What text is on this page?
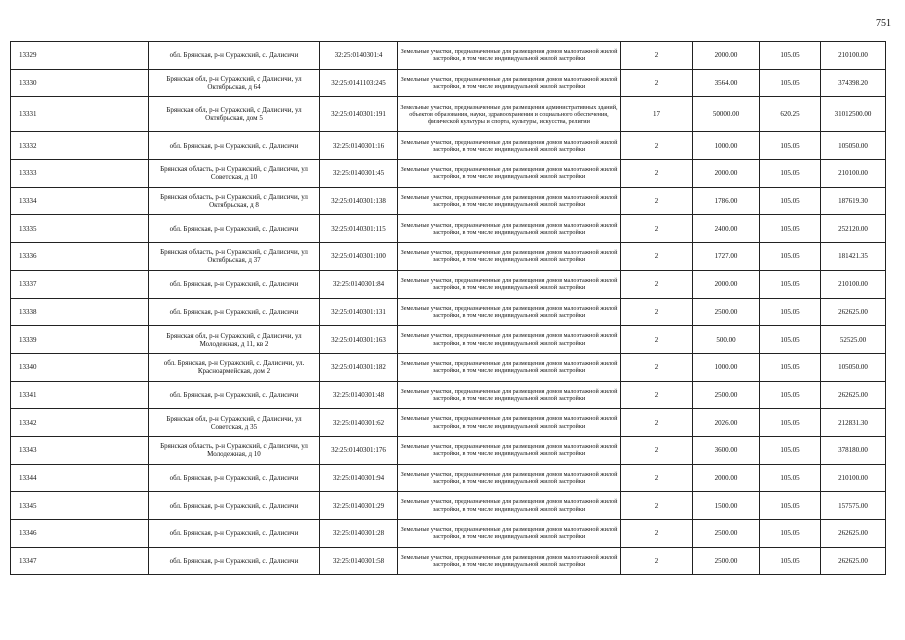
751
13329	обл. Брянская, р-н Суражский, с. Далисичи	32:25:0140301:4	Земельные участки, предназначенные для размещения домов малоэтажной жилой застройки, в том числе индивидуальной жилой застройки	2	2000.00	105.05	210100.00
13330	Брянская обл, р-н Суражский, с Далисичи, ул Октябрьская, д 64	32:25:0141103:245	Земельные участки, предназначенные для размещения домов малоэтажной жилой застройки, в том числе индивидуальной жилой застройки	2	3564.00	105.05	374398.20
13331	Брянская обл, р-н Суражский, с Далисичи, ул Октябрьская, дом 5	32:25:0140301:191	Земельные участки, предназначенные для размещения административных зданий, объектов образования, науки, здравоохранения и социального обеспечения, физической культуры и спорта, культуры, искусства, религии	17	50000.00	620.25	31012500.00
13332	обл. Брянская, р-н Суражский, с. Далисичи	32:25:0140301:16	Земельные участки, предназначенные для размещения домов малоэтажной жилой застройки, в том числе индивидуальной жилой застройки	2	1000.00	105.05	105050.00
13333	Брянская область, р-н Суражский, с Далисичи, ул Советская, д 10	32:25:0140301:45	Земельные участки, предназначенные для размещения домов малоэтажной жилой застройки, в том числе индивидуальной жилой застройки	2	2000.00	105.05	210100.00
13334	Брянская область, р-н Суражский, с Далисичи, ул Октябрьская, д 8	32:25:0140301:138	Земельные участки, предназначенные для размещения домов малоэтажной жилой застройки, в том числе индивидуальной жилой застройки	2	1786.00	105.05	187619.30
13335	обл. Брянская, р-н Суражский, с. Далисичи	32:25:0140301:115	Земельные участки, предназначенные для размещения домов малоэтажной жилой застройки, в том числе индивидуальной жилой застройки	2	2400.00	105.05	252120.00
13336	Брянская область, р-н Суражский, с Далисичи, ул Октябрьская, д 37	32:25:0140301:100	Земельные участки, предназначенные для размещения домов малоэтажной жилой застройки, в том числе индивидуальной жилой застройки	2	1727.00	105.05	181421.35
13337	обл. Брянская, р-н Суражский, с. Далисичи	32:25:0140301:84	Земельные участки, предназначенные для размещения домов малоэтажной жилой застройки, в том числе индивидуальной жилой застройки	2	2000.00	105.05	210100.00
13338	обл. Брянская, р-н Суражский, с. Далисичи	32:25:0140301:131	Земельные участки, предназначенные для размещения домов малоэтажной жилой застройки, в том числе индивидуальной жилой застройки	2	2500.00	105.05	262625.00
13339	Брянская обл, р-н Суражский, с Далисичи, ул Молодежная, д 11, кв 2	32:25:0140301:163	Земельные участки, предназначенные для размещения домов малоэтажной жилой застройки, в том числе индивидуальной жилой застройки	2	500.00	105.05	52525.00
13340	обл. Брянская, р-н Суражский, с. Далисичи, ул. Красноармейская, дом 2	32:25:0140301:182	Земельные участки, предназначенные для размещения домов малоэтажной жилой застройки, в том числе индивидуальной жилой застройки	2	1000.00	105.05	105050.00
13341	обл. Брянская, р-н Суражский, с. Далисичи	32:25:0140301:48	Земельные участки, предназначенные для размещения домов малоэтажной жилой застройки, в том числе индивидуальной жилой застройки	2	2500.00	105.05	262625.00
13342	Брянская обл, р-н Суражский, с Далисичи, ул Советская, д 35	32:25:0140301:62	Земельные участки, предназначенные для размещения домов малоэтажной жилой застройки, в том числе индивидуальной жилой застройки	2	2026.00	105.05	212831.30
13343	Брянская область, р-н Суражский, с Далисичи, ул Молодежная, д 10	32:25:0140301:176	Земельные участки, предназначенные для размещения домов малоэтажной жилой застройки, в том числе индивидуальной жилой застройки	2	3600.00	105.05	378180.00
13344	обл. Брянская, р-н Суражский, с. Далисичи	32:25:0140301:94	Земельные участки, предназначенные для размещения домов малоэтажной жилой застройки, в том числе индивидуальной жилой застройки	2	2000.00	105.05	210100.00
13345	обл. Брянская, р-н Суражский, с. Далисичи	32:25:0140301:29	Земельные участки, предназначенные для размещения домов малоэтажной жилой застройки, в том числе индивидуальной жилой застройки	2	1500.00	105.05	157575.00
13346	обл. Брянская, р-н Суражский, с. Далисичи	32:25:0140301:28	Земельные участки, предназначенные для размещения домов малоэтажной жилой застройки, в том числе индивидуальной жилой застройки	2	2500.00	105.05	262625.00
13347	обл. Брянская, р-н Суражский, с. Далисичи	32:25:0140301:58	Земельные участки, предназначенные для размещения домов малоэтажной жилой застройки, в том числе индивидуальной жилой застройки	2	2500.00	105.05	262625.00
